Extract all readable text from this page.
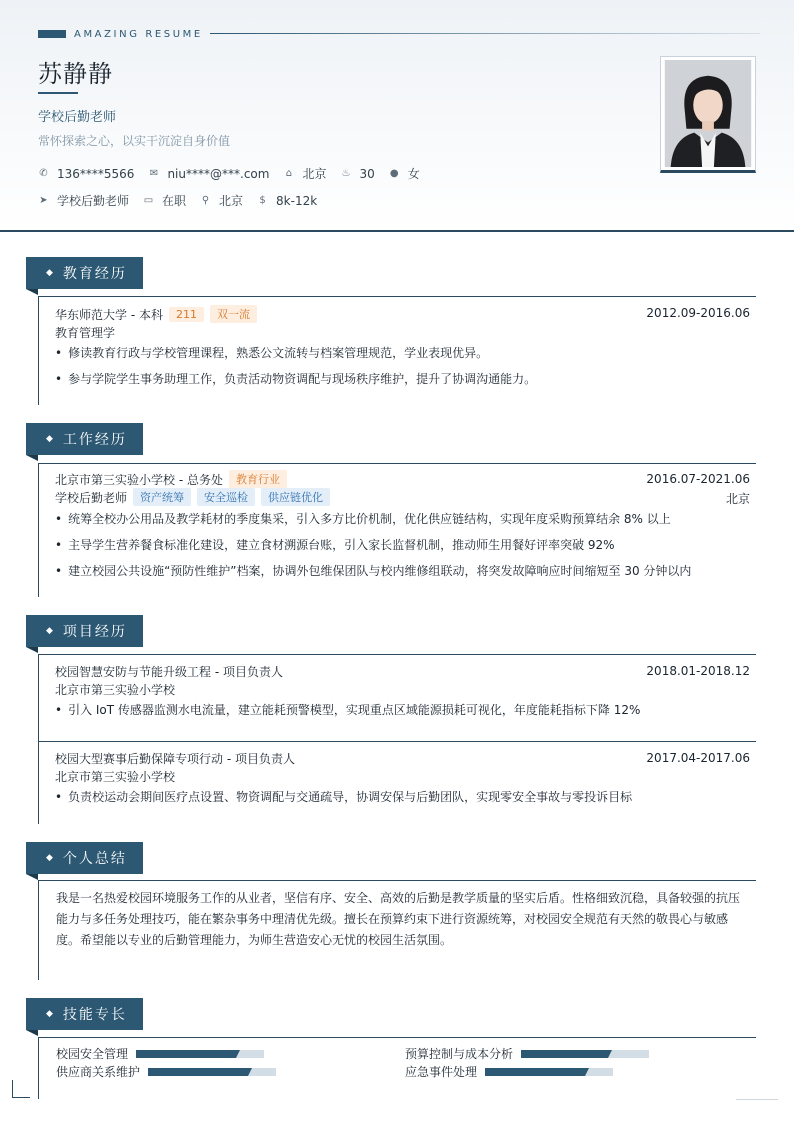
AMAZING RESUME
苏静静
学校后勤老师
常怀探索之心，以实干沉淀自身价值
✆ 136****5566 ✉ niu****@***.com ⌂ 北京 ♨ 30 ● 女
➤ 学校后勤老师 ▭ 在职 ⚲ 北京 $ 8k-12k
◆ 教育经历
华东师范大学 - 本科	211	双一流	2012.09-2016.06
教育管理学
• 修读教育行政与学校管理课程，熟悉公文流转与档案管理规范，学业表现优异。
• 参与学院学生事务助理工作，负责活动物资调配与现场秩序维护，提升了协调沟通能力。
◆ 工作经历
北京市第三实验小学校 - 总务处	教育行业	2016.07-2021.06
学校后勤老师	资产统筹	安全巡检	供应链优化	北京
• 统筹全校办公用品及教学耗材的季度集采，引入多方比价机制，优化供应链结构，实现年度采购预算结余 8% 以上
• 主导学生营养餐食标准化建设，建立食材溯源台账，引入家长监督机制，推动师生用餐好评率突破 92%
• 建立校园公共设施“预防性维护”档案，协调外包维保团队与校内维修组联动，将突发故障响应时间缩短至 30 分钟以内
◆ 项目经历
校园智慧安防与节能升级工程 - 项目负责人	2018.01-2018.12
北京市第三实验小学校
• 引入 IoT 传感器监测水电流量，建立能耗预警模型，实现重点区域能源损耗可视化，年度能耗指标下降 12%
校园大型赛事后勤保障专项行动 - 项目负责人	2017.04-2017.06
北京市第三实验小学校
• 负责校运动会期间医疗点设置、物资调配与交通疏导，协调安保与后勤团队，实现零安全事故与零投诉目标
◆ 个人总结
我是一名热爱校园环境服务工作的从业者，坚信有序、安全、高效的后勤是教学质量的坚实后盾。性格细致沉稳，具备较强的抗压能力与多任务处理技巧，能在繁杂事务中理清优先级。擅长在预算约束下进行资源统筹，对校园安全规范有天然的敬畏心与敏感度。希望能以专业的后勤管理能力，为师生营造安心无忧的校园生活氛围。
◆ 技能专长
校园安全管理	预算控制与成本分析
供应商关系维护	应急事件处理
